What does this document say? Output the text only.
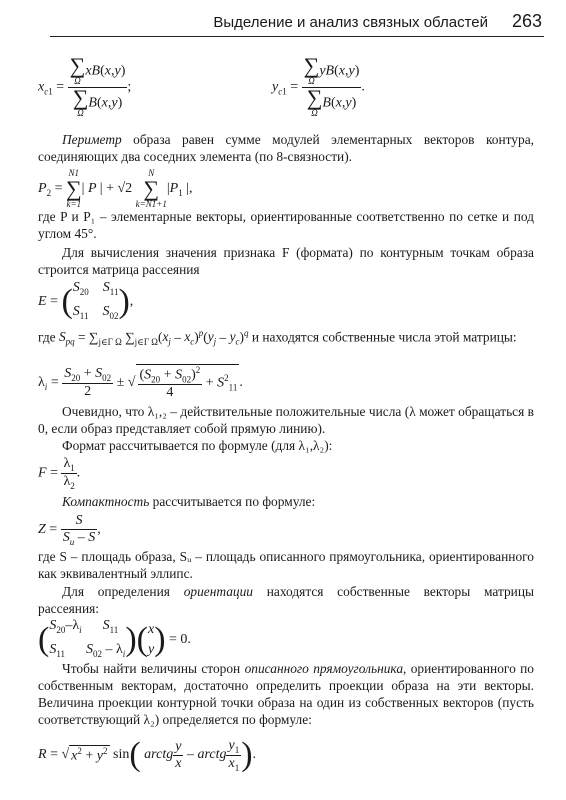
Выделение и анализ связных областей 263
$x_{c1}$ = ∑
Ω
xB(x,y)
∑
Ω
B(x,y) ;	$y_{c1}$ = ∑
Ω
yB(x,y)
∑
Ω
B(x,y) .
Периметр образа равен сумме модулей элементарных векторов контура, соединяющих два соседних элемента (по 8-связности).
$P_2$ =
N1
∑
k=1
| P | + √2
N
∑
k=N1+1
$|P_1$ |,
где P и P₁ – элементарные векторы, ориентированные соответственно по сетке и под углом 45°.
Для вычисления значения признака F (формата) по контурным точкам образа строится матрица рассеяния
$E = (S_{20}$ $S_{11}$
$S_{11}$ $S_{02}$),
где $S_{pq} = \sum_{j\in\Gamma \Omega}$ $\sum_{j\in\Gamma \Omega}(x_j - x_c)^p(y_j - y_c)^q$ и находятся собственные числа этой матрицы:
$\lambda_i = \frac{S_{20} + S_{02}}{2}$ ± √ $\frac{(S_{20} + S_{02})^2}{4} + S^2_{11}$ .
Очевидно, что λ₁,₂ – действительные положительные числа (λ может обращаться в 0, если образ представляет собой прямую линию).
Формат рассчитывается по формуле (для λ₁,λ₂):
$F = \frac{\lambda_1}{\lambda_2}$ .
Компактность рассчитывается по формуле:
$Z = \frac{S}{S_u - S}$ ,
где S – площадь образа, Sᵤ – площадь описанного прямоугольника, ориентированного как эквивалентный эллипс.
Для определения ориентации находятся собственные векторы матрицы рассеяния:
($S_{20}-\lambda_i$ $S_{11}$
$S_{11}$ $S_{02} - \lambda_i)(x$
y) = 0.
Чтобы найти величины сторон описанного прямоугольника, ориентированного по собственным векторам, достаточно определить проекции образа на эти векторы. Величина проекции контурной точки образа на один из собственных векторов (пусть соответствующий λ₂) определяется по формуле:
R = √ $x^2 + y^2$ sin( arctg $\frac{y}{x}$ – arctg $\frac{y_1}{x_1}$ ).
